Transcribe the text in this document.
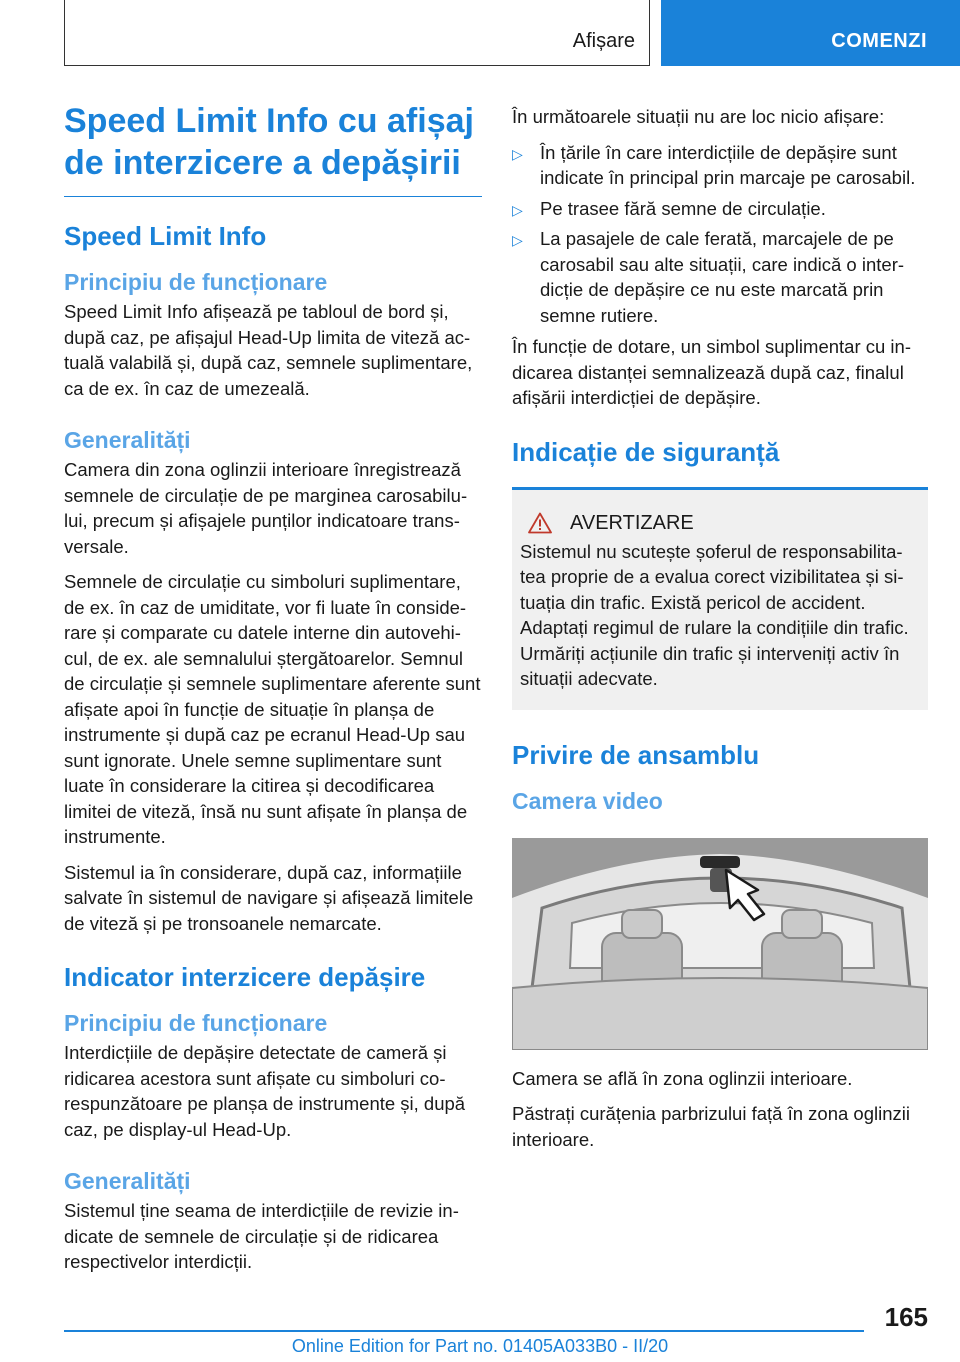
Afișare	COMENZI
Speed Limit Info cu afișaj de interzicere a depășirii
Speed Limit Info
Principiu de funcționare

Speed Limit Info afișează pe tabloul de bord și, după caz, pe afișajul Head-Up limita de viteză actuală valabilă și, după caz, semnele suplimentare, ca de ex. în caz de umezeală.

Generalități

Camera din zona oglinzii interioare înregistrează semnele de circulație de pe marginea carosabilului, precum și afișajele punților indicatoare transversale.

Semnele de circulație cu simboluri suplimentare, de ex. în caz de umiditate, vor fi luate în considerare și comparate cu datele interne din autovehicul, de ex. ale semnalului ștergătoarelor. Semnul de circulație și semnele suplimentare aferente sunt afișate apoi în funcție de situație în planșa de instrumente și după caz pe ecranul Head-Up sau sunt ignorate. Unele semne suplimentare sunt luate în considerare la citirea și decodificarea limitei de viteză, însă nu sunt afișate în planșa de instrumente.

Sistemul ia în considerare, după caz, informațiile salvate în sistemul de navigare și afișează limitele de viteză și pe tronsoanele nemarcate.

Indicator interzicere depășire
Principiu de funcționare

Interdicțiile de depășire detectate de cameră și ridicarea acestora sunt afișate cu simboluri corespunzătoare pe planșa de instrumente și, după caz, pe display-ul Head-Up.

Generalități

Sistemul ține seama de interdicțiile de revizie indicate de semnele de circulație și de ridicarea respectivelor interdicții.

În următoarele situații nu are loc nicio afișare:

▷ În țările în care interdicțiile de depășire sunt indicate în principal prin marcaje pe carosabil.
▷ Pe trasee fără semne de circulație.
▷ La pasajele de cale ferată, marcajele de pe carosabil sau alte situații, care indică o interdicție de depășire ce nu este marcată prin semne rutiere.

În funcție de dotare, un simbol suplimentar cu indicarea distanței semnalizează după caz, finalul afișării interdicției de depășire.

Indicație de siguranță
AVERTIZARE

Sistemul nu scutește șoferul de responsabilitatea proprie de a evalua corect vizibilitatea și situația din trafic. Există pericol de accident. Adaptați regimul de rulare la condițiile din trafic. Urmăriți acțiunile din trafic și interveniți activ în situații adecvate.

Privire de ansamblu
Camera video

Camera se află în zona oglinzii interioare.

Păstrați curățenia parbrizului față în zona oglinzii interioare.

165
Online Edition for Part no. 01405A033B0 - II/20
